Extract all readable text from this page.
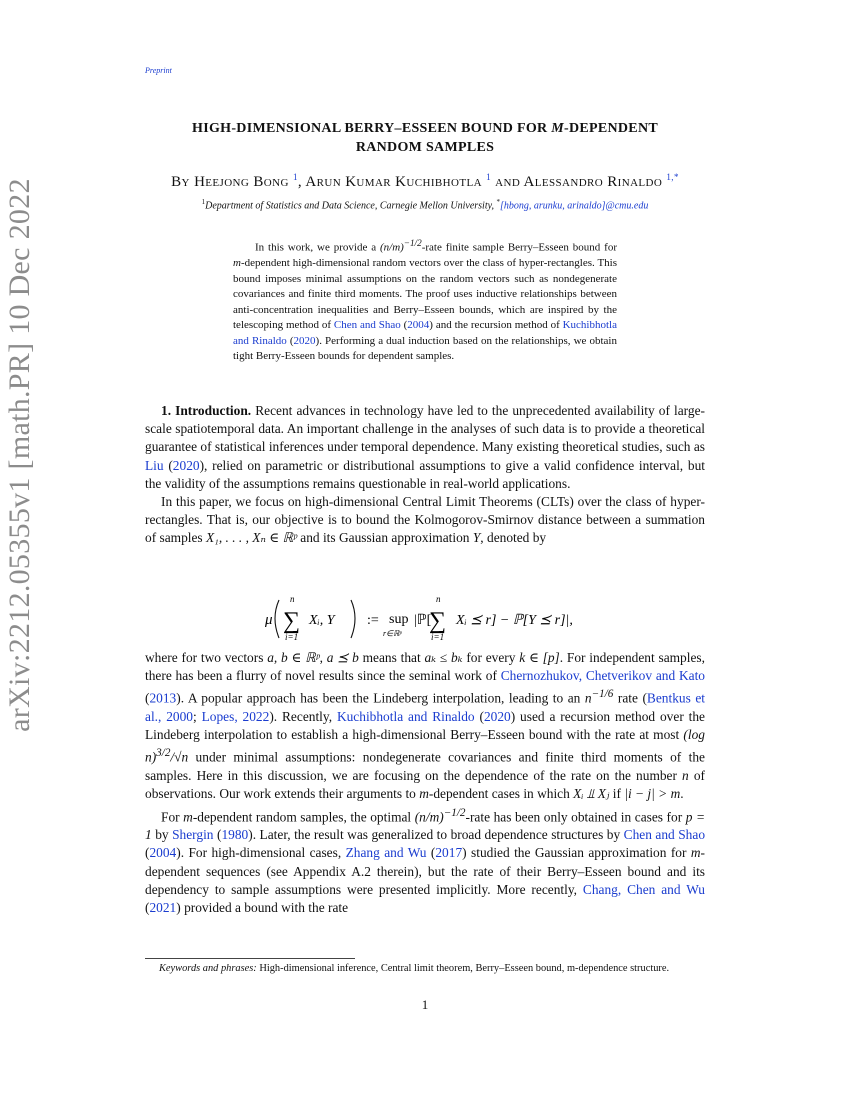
Preprint
arXiv:2212.05355v1 [math.PR] 10 Dec 2022
HIGH-DIMENSIONAL BERRY–ESSEEN BOUND FOR M-DEPENDENT
RANDOM SAMPLES
By Heejong Bong $^1$, Arun Kumar Kuchibhotla $^1$ and Alessandro Rinaldo $^{1,*}$
$^1$Department of Statistics and Data Science, Carnegie Mellon University, *[hbong, arunku, arinaldo]@cmu.edu

In this work, we provide a $(n/m)^{-1/2}$-rate finite sample Berry–Esseen bound for m-dependent high-dimensional random vectors over the class of hyper-rectangles. This bound imposes minimal assumptions on the random vectors such as nondegenerate covariances and finite third moments. The proof uses inductive relationships between anti-concentration inequalities and Berry–Esseen bounds, which are inspired by the telescoping method of Chen and Shao (2004) and the recursion method of Kuchibhotla and Rinaldo (2020). Performing a dual induction based on the relationships, we obtain tight Berry-Esseen bounds for dependent samples.

1. Introduction. Recent advances in technology have led to the unprecedented availability of large-scale spatiotemporal data. An important challenge in the analyses of such data is to provide a theoretical guarantee of statistical inferences under temporal dependence. Many existing theoretical studies, such as Liu (2020), relied on parametric or distributional assumptions to give a valid confidence interval, but the validity of the assumptions remains questionable in real-world applications.

In this paper, we focus on high-dimensional Central Limit Theorems (CLTs) over the class of hyper-rectangles. That is, our objective is to bound the Kolmogorov-Smirnov distance between a summation of samples X₁, . . . , Xₙ ∈ ℝᵖ and its Gaussian approximation Y, denoted by

μ
n
∑
i=1
Xᵢ, Y := sup
r∈ℝᵖ
|ℙ[
n
∑
i=1
Xᵢ ⪯ r] − ℙ[Y ⪯ r]|,

where for two vectors a, b ∈ ℝᵖ, a ⪯ b means that aₖ ≤ bₖ for every k ∈ [p]. For independent samples, there has been a flurry of novel results since the seminal work of Chernozhukov, Chetverikov and Kato (2013). A popular approach has been the Lindeberg interpolation, leading to an $n^{-1/6}$ rate (Bentkus et al., 2000; Lopes, 2022). Recently, Kuchibhotla and Rinaldo (2020) used a recursion method over the Lindeberg interpolation to establish a high-dimensional Berry–Esseen bound with the rate at most (log n)$^{3/2}$/√n under minimal assumptions: nondegenerate covariances and finite third moments of the samples. Here in this discussion, we are focusing on the dependence of the rate on the number n of observations. Our work extends their arguments to m-dependent cases in which Xᵢ ⫫ Xⱼ if |i − j| > m.

For m-dependent random samples, the optimal $(n/m)^{-1/2}$-rate has been only obtained in cases for p = 1 by Shergin (1980). Later, the result was generalized to broad dependence structures by Chen and Shao (2004). For high-dimensional cases, Zhang and Wu (2017) studied the Gaussian approximation for m-dependent sequences (see Appendix A.2 therein), but the rate of their Berry–Esseen bound and its dependency to sample assumptions were presented implicitly. More recently, Chang, Chen and Wu (2021) provided a bound with the rate

Keywords and phrases: High-dimensional inference, Central limit theorem, Berry–Esseen bound, m-dependence structure.

1
